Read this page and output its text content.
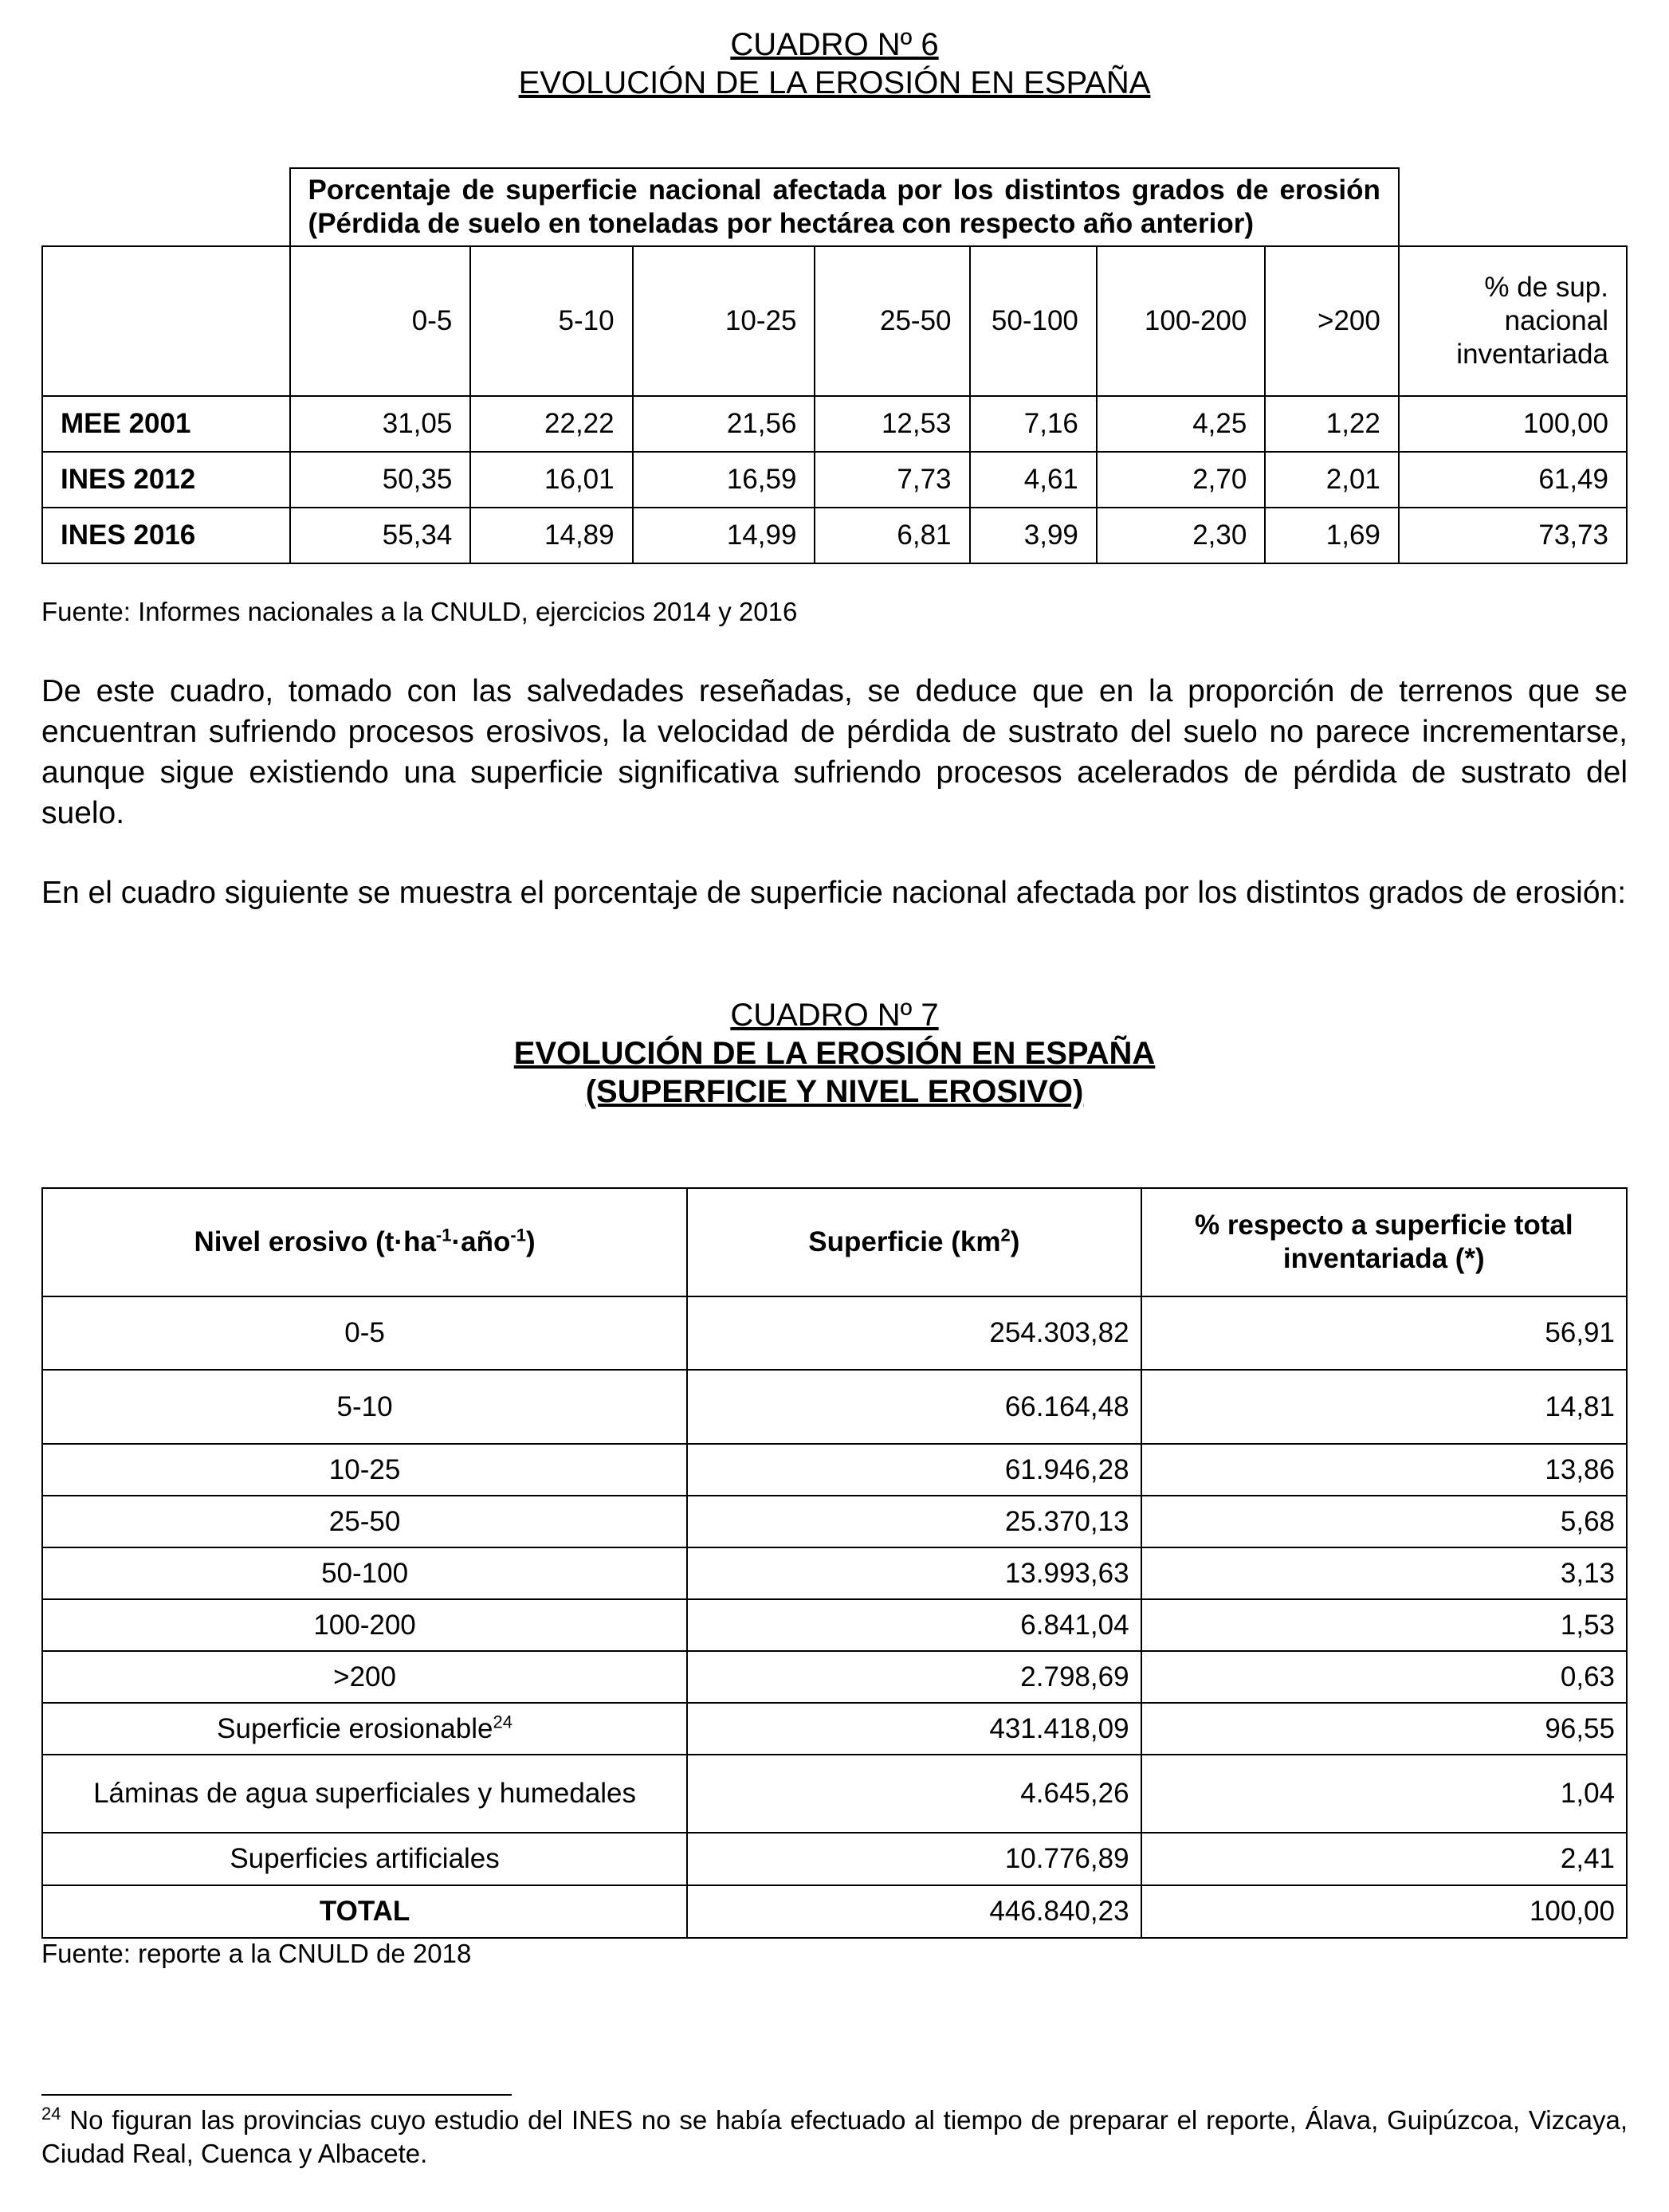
CUADRO Nº 6

EVOLUCIÓN DE LA EROSIÓN EN ESPAÑA

	Porcentaje de superficie nacional afectada por los distintos grados de erosión (Pérdida de suelo en toneladas por hectárea con respecto año anterior)							
	0-5	5-10	10-25	25-50	50-100	100-200	>200	% de sup. nacional inventariada
MEE 2001	31,05	22,22	21,56	12,53	7,16	4,25	1,22	100,00
INES 2012	50,35	16,01	16,59	7,73	4,61	2,70	2,01	61,49
INES 2016	55,34	14,89	14,99	6,81	3,99	2,30	1,69	73,73
Fuente: Informes nacionales a la CNULD, ejercicios 2014 y 2016

De este cuadro, tomado con las salvedades reseñadas, se deduce que en la proporción de terrenos que se encuentran sufriendo procesos erosivos, la velocidad de pérdida de sustrato del suelo no parece incrementarse, aunque sigue existiendo una superficie significativa sufriendo procesos acelerados de pérdida de sustrato del suelo.

En el cuadro siguiente se muestra el porcentaje de superficie nacional afectada por los distintos grados de erosión:

CUADRO Nº 7

EVOLUCIÓN DE LA EROSIÓN EN ESPAÑA

(SUPERFICIE Y NIVEL EROSIVO)

Nivel erosivo $(t\cdot ha^{-1}\cdot año^{-1})$	Superficie $(km^2)$	% respecto a superficie total inventariada (*)
0-5	254.303,82	56,91
5-10	66.164,48	14,81
10-25	61.946,28	13,86
25-50	25.370,13	5,68
50-100	13.993,63	3,13
100-200	6.841,04	1,53
>200	2.798,69	0,63
Superficie erosionable$^{24}$	431.418,09	96,55
Láminas de agua superficiales y humedales	4.645,26	1,04
Superficies artificiales	10.776,89	2,41
TOTAL	446.840,23	100,00
Fuente: reporte a la CNULD de 2018

$^{24}$ No figuran las provincias cuyo estudio del INES no se había efectuado al tiempo de preparar el reporte, Álava, Guipúzcoa, Vizcaya, Ciudad Real, Cuenca y Albacete.
